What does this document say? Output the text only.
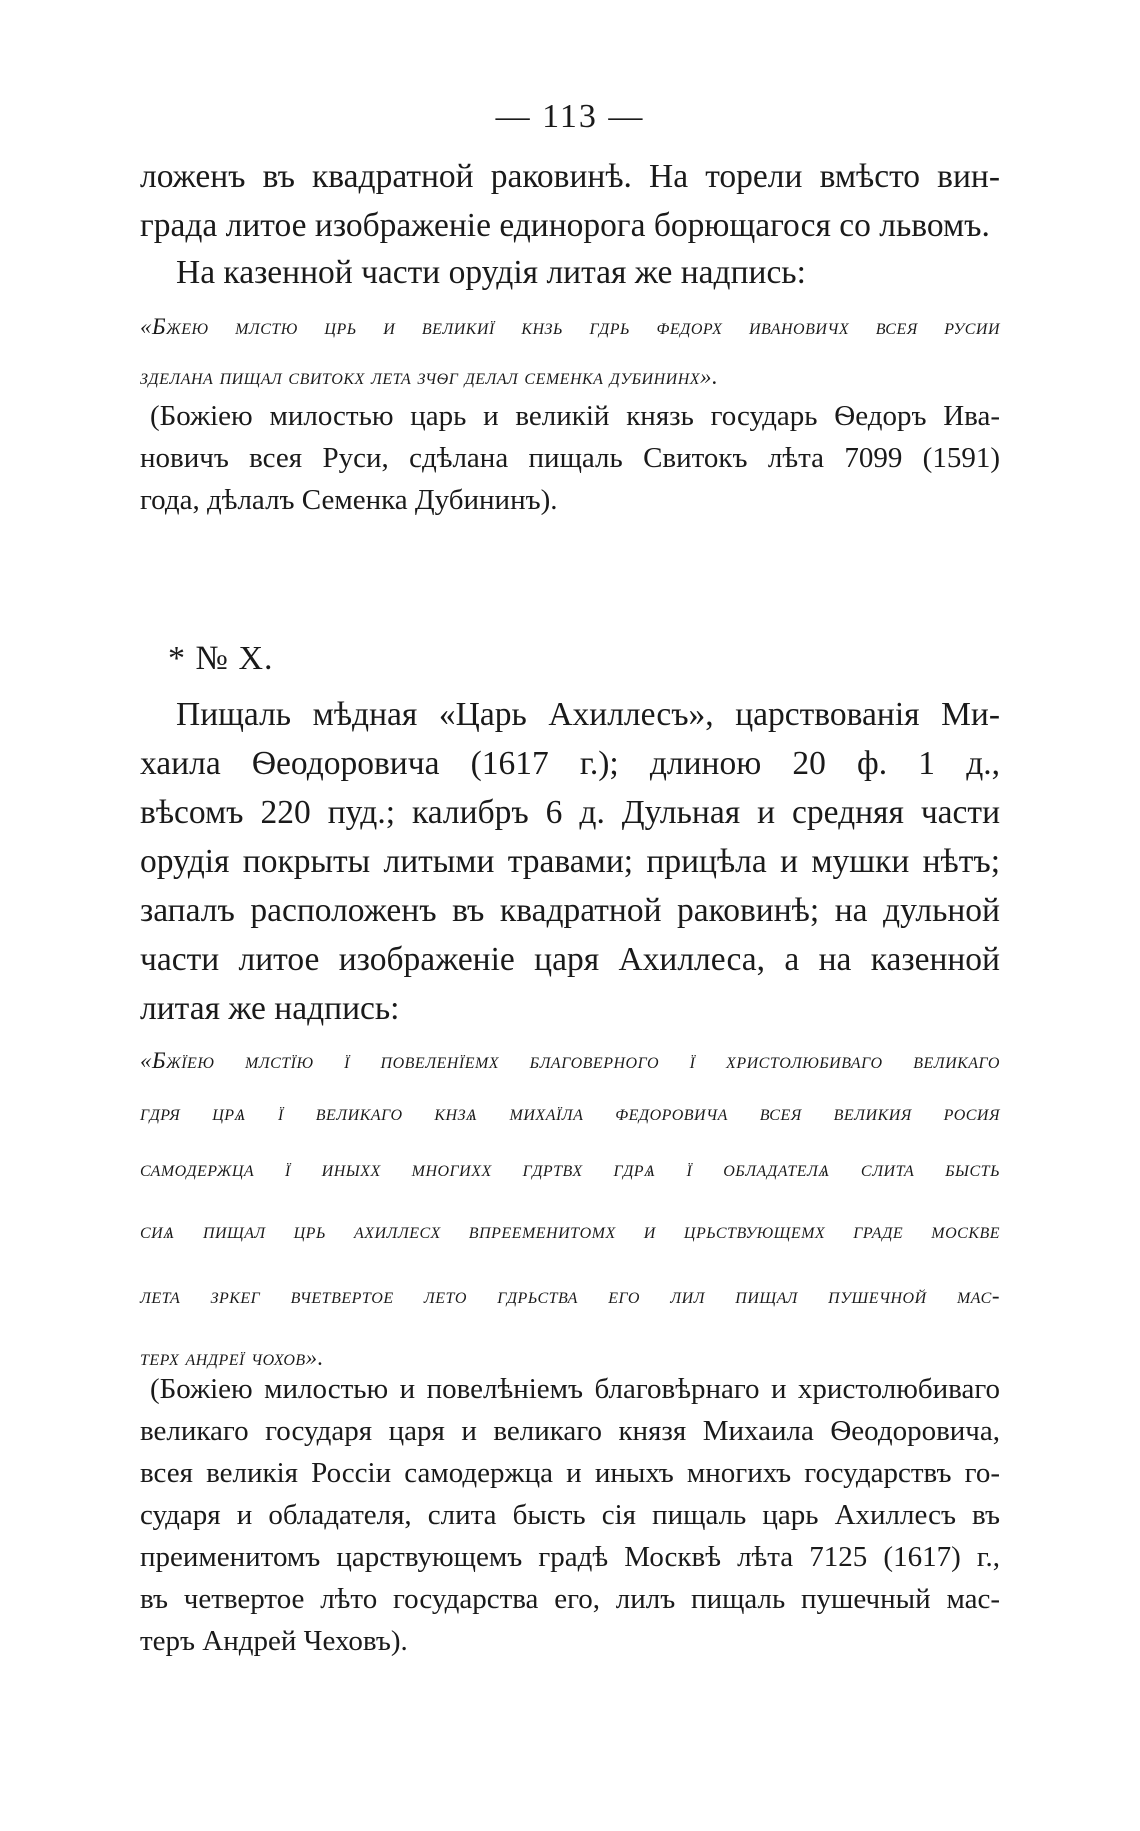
— 113 —

ложенъ въ квадратной раковинѣ. На торели вмѣсто вин-
града литое изображенiе единорога борющагося со львомъ.

На казенной части орудiя литая же надпись:

«Бжею млстю црь и великиї кнзь гдрь федорх ивановичх всея русии
зделана пищал свитокх лета зчѳг делал семенка дубининх».

(Божiею милостью царь и великiй князь государь Ѳедоръ Ива-
новичъ всея Руси, сдѣлана пищаль Свитокъ лѣта 7099 (1591)
года, дѣлалъ Семенка Дубининъ).

* № X.

Пищаль мѣдная «Царь Ахиллесъ», царствованiя Ми-
хаила Ѳеодоровича (1617 г.); длиною 20 ф. 1 д.,
вѣсомъ 220 пуд.; калибръ 6 д. Дульная и средняя части
орудiя покрыты литыми травами; прицѣла и мушки нѣтъ;
запалъ расположенъ въ квадратной раковинѣ; на дульной
части литое изображенiе царя Ахиллеса, а на казенной
литая же надпись:

«Бжїею млстїю ї повеленїемх благоверного ї христолюбиваго великаго
гдря црѧ ї великаго кнзѧ михаїла федоровича всея великия росия
самодержца ї иныхх многихх гдртвх гдрѧ ї обладателѧ слита бысть
сиѧ пищал црь ахиллесх впрееменитомх и црьствующемх граде москве
лета зркег вчетвертое лето гдрьства его лил пищал пушечной мас-
терх андреї чохов».

(Божiею милостью и повелѣнiемъ благовѣрнаго и христолюбиваго
великаго государя царя и великаго князя Михаила Ѳеодоровича,
всея великiя Россiи самодержца и иныхъ многихъ государствъ го-
сударя и обладателя, слита бысть сiя пищаль царь Ахиллесъ въ
преименитомъ царствующемъ градѣ Москвѣ лѣта 7125 (1617) г.,
въ четвертое лѣто государства его, лилъ пищаль пушечный мас-
теръ Андрей Чеховъ).
